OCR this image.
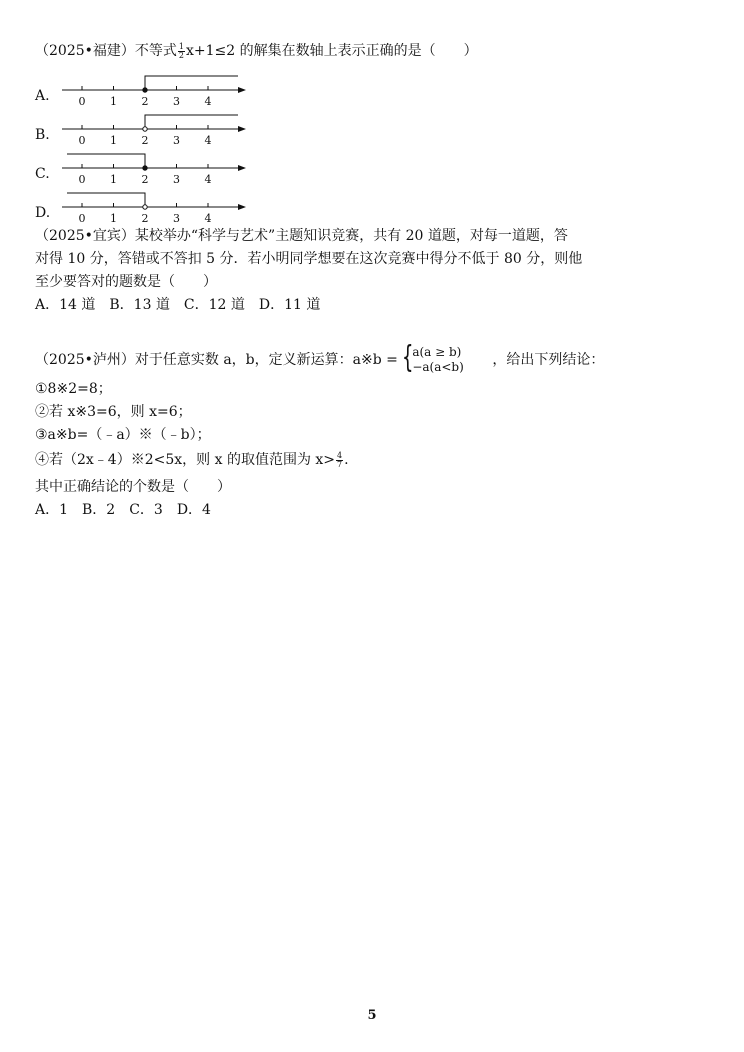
（2025•福建）不等式 $\frac{1}{2} x+1\le 2$ 的解集在数轴上表示正确的是（　　）
A.	0 1 2 3 4
B.	0 1 2 3 4
C.	0 1 2 3 4
D.	0 1 2 3 4
（2025•宜宾）某校举办“科学与艺术”主题知识竞赛，共有 20 道题，对每一道题，答
对得 10 分，答错或不答扣 5 分．若小明同学想要在这次竞赛中得分不低于 80 分，则他
至少要答对的题数是（　　）
A．14 道　B．13 道　C．12 道　D．11 道
（2025•泸州）对于任意实数 a，b，定义新运算：a※b = {
a(a ≥ b)
−a(a<b) ，给出下列结论：
①8※2=8；
②若 x※3=6，则 x=6；
③a※b=（﹣a）※（﹣b）；
④若（2x﹣4）※2<5x，则 x 的取值范围为 $x> \frac{4}{7}$ .
其中正确结论的个数是（　　）
A．1　B．2　C．3　D．4
5
